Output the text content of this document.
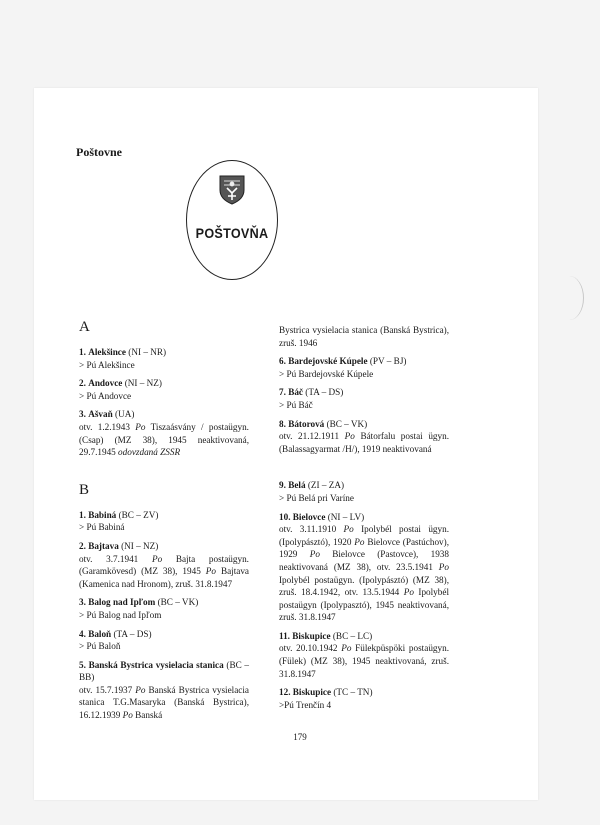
Poštovne
POŠTOVŇA

A

1. Alekšince (NI – NR)

> Pú Alekšince

2. Andovce (NI – NZ)

> Pú Andovce

3. Ašvaň (UA)

otv. 1.2.1943 Po Tiszaásvány / postaügyn. (Csap) (MZ 38), 1945 neaktivovaná, 29.7.1945 odovzdaná ZSSR

B

1. Babiná (BC – ZV)

> Pú Babiná

2. Bajtava (NI – NZ)

otv. 3.7.1941 Po Bajta postaügyn. (Garamkövesd) (MZ 38), 1945 Po Bajtava (Kamenica nad Hronom), zruš. 31.8.1947

3. Balog nad Ipľom (BC – VK)

> Pú Balog nad Ipľom

4. Baloň (TA – DS)

> Pú Baloň

5. Banská Bystrica vysielacia stanica (BC – BB)

otv. 15.7.1937 Po Banská Bystrica vysielacia stanica T.G.Masaryka (Banská Bystrica), 16.12.1939 Po Banská

Bystrica vysielacia stanica (Banská Bystrica), zruš. 1946

6. Bardejovské Kúpele (PV – BJ)

> Pú Bardejovské Kúpele

7. Báč (TA – DS)

> Pú Báč

8. Bátorová (BC – VK)

otv. 21.12.1911 Po Bátorfalu postai ügyn. (Balassagyarmat /H/), 1919 neaktivovaná

9. Belá (ZI – ZA)

> Pú Belá pri Varíne

10. Bielovce (NI – LV)

otv. 3.11.1910 Po Ipolybél postai ügyn. (Ipolypásztó), 1920 Po Bielovce (Pastúchov), 1929 Po Bielovce (Pastovce), 1938 neaktivovaná (MZ 38), otv. 23.5.1941 Po Ipolybél postaügyn. (Ipolypásztó) (MZ 38), zruš. 18.4.1942, otv. 13.5.1944 Po Ipolybél postaügyn (Ipolypasztó), 1945 neaktivovaná, zruš. 31.8.1947

11. Biskupice (BC – LC)

otv. 20.10.1942 Po Fülekpüspöki postaügyn. (Fülek) (MZ 38), 1945 neaktivovaná, zruš. 31.8.1947

12. Biskupice (TC – TN)

>Pú Trenčín 4

179
